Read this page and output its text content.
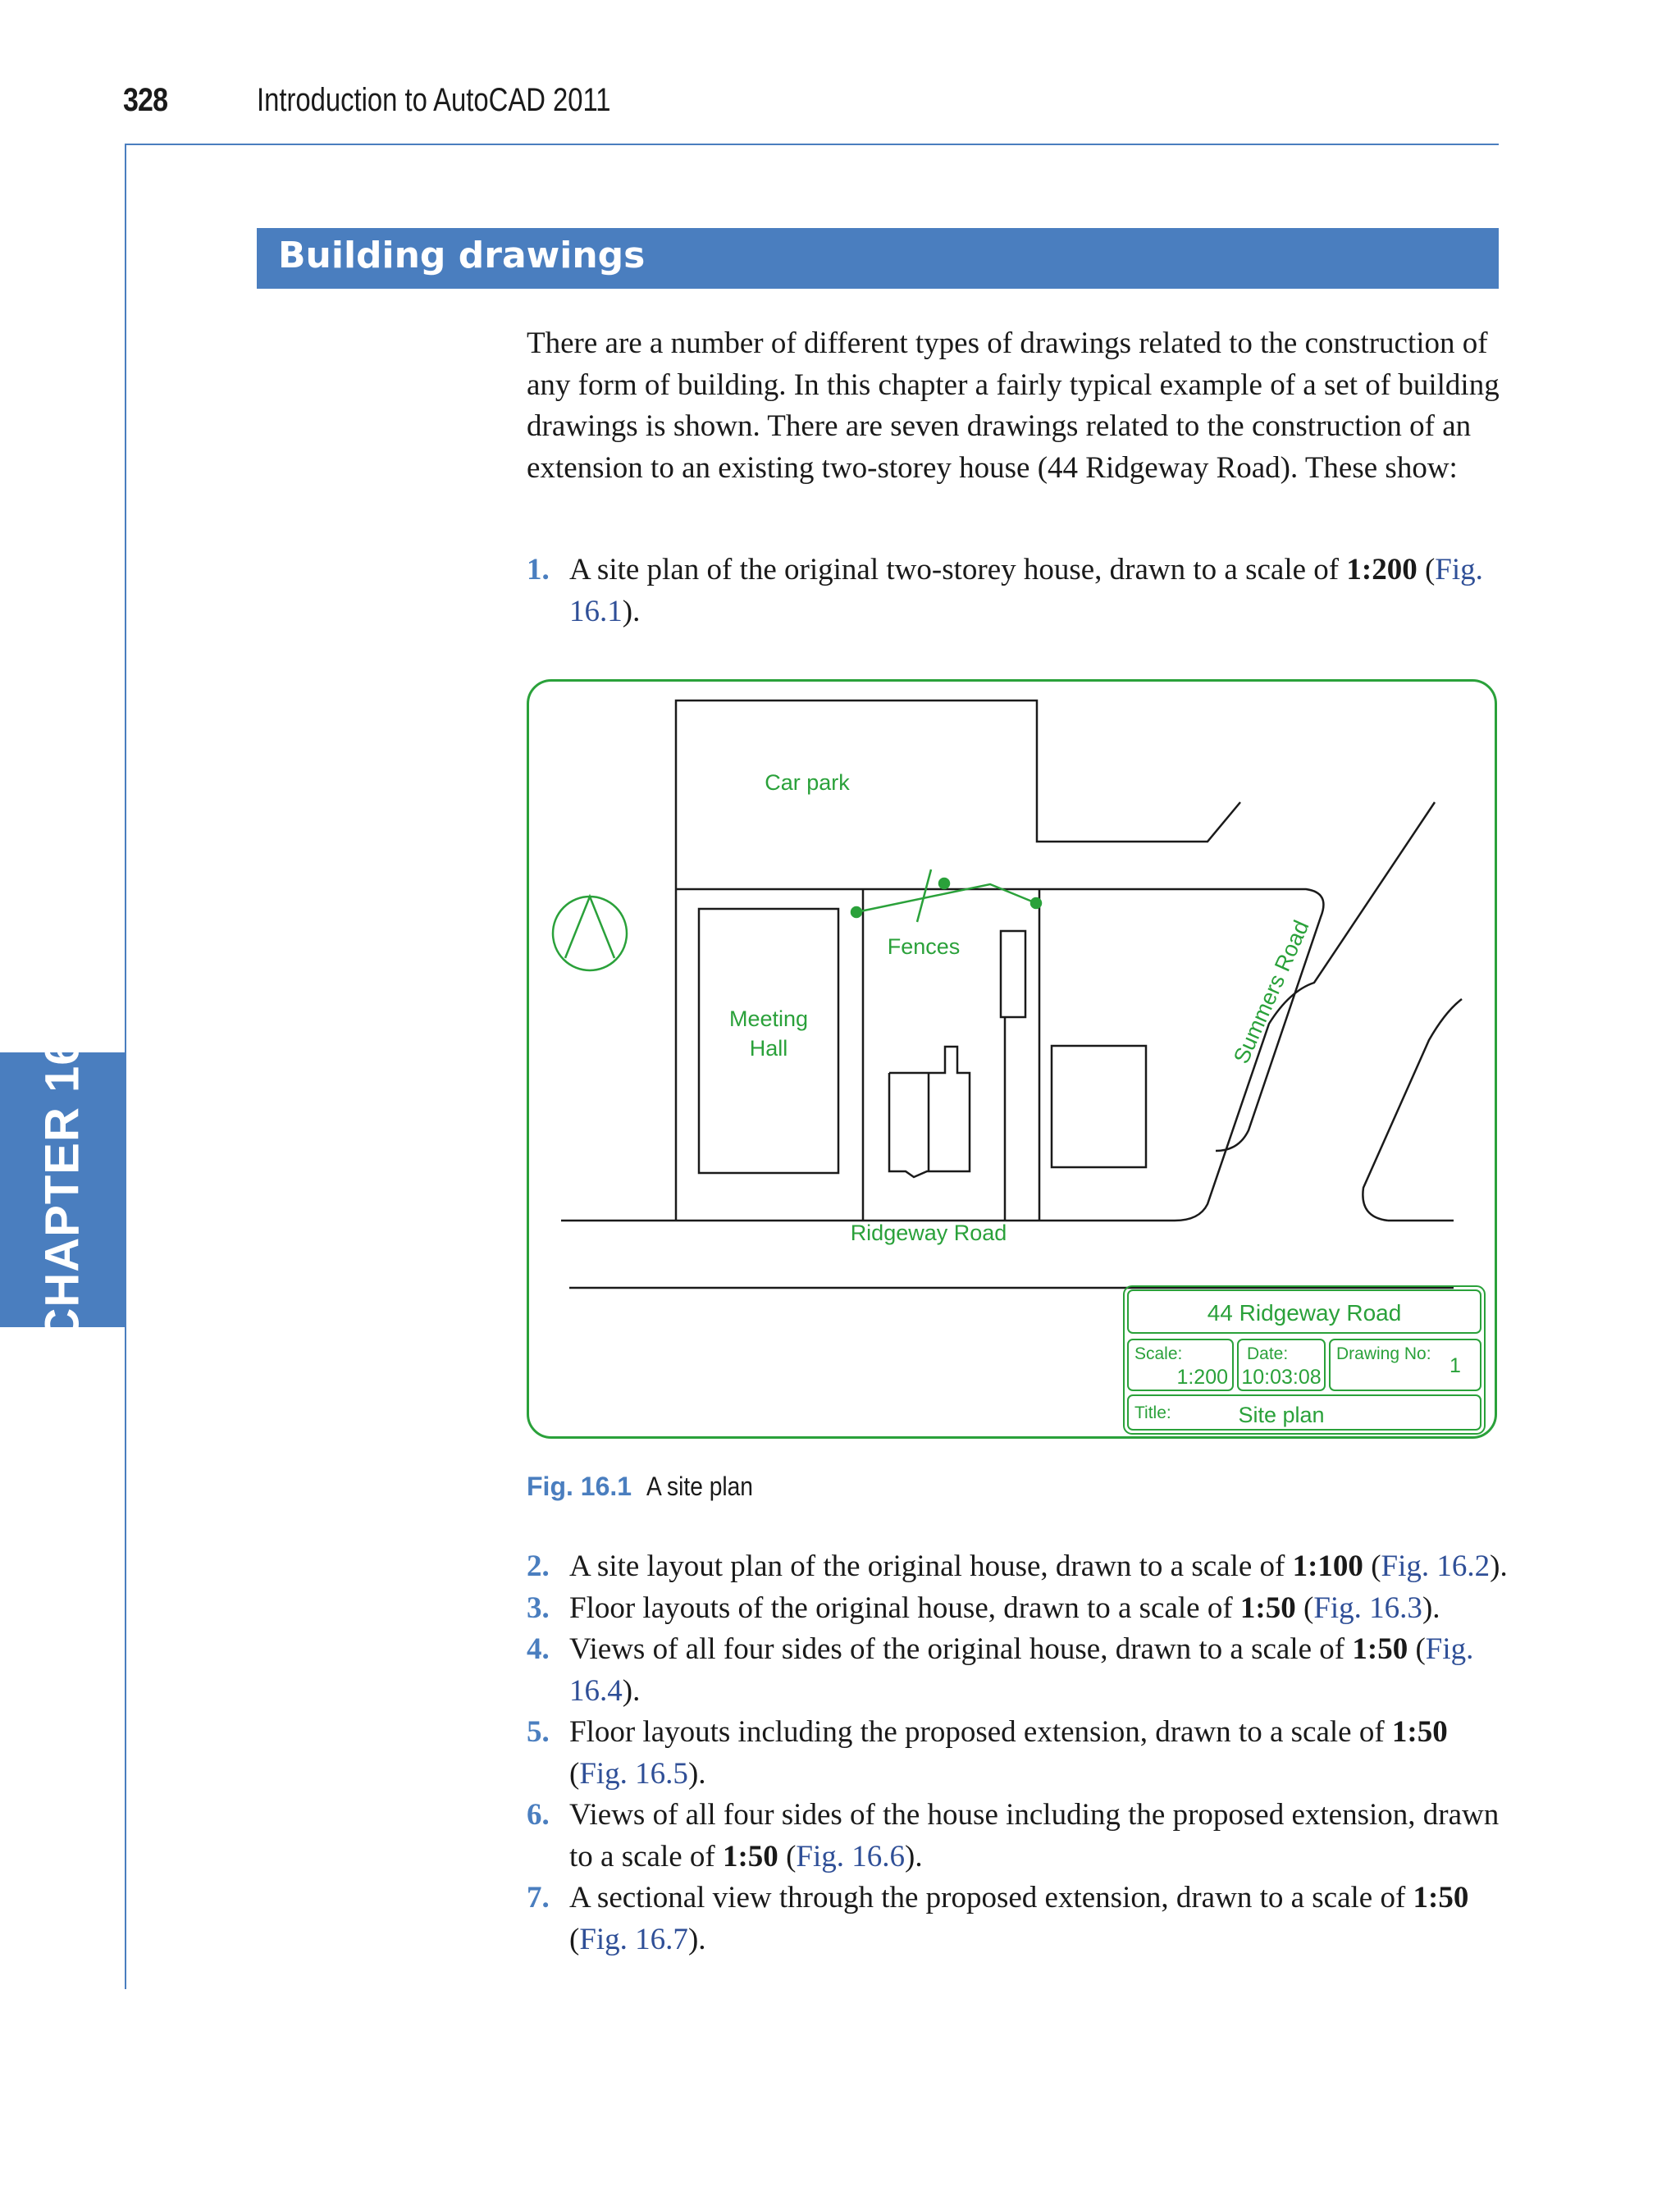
328	Introduction to AutoCAD 2011
CHAPTER 16
Building drawings

There are a number of different types of drawings related to the construction of any form of building. In this chapter a fairly typical example of a set of building drawings is shown. There are seven drawings related to the construction of an extension to an existing two-storey house (44 Ridgeway Road). These show:

1. A site plan of the original two-storey house, drawn to a scale of 1:200 (Fig. 16.1).
Car park
Fences
Meeting
Hall	Summers Road
Ridgeway Road
44 Ridgeway Road
Scale:
1:200
Date:
10:03:08
Drawing No:
1
Title:	Site plan
Fig. 16.1 A site plan
2. A site layout plan of the original house, drawn to a scale of 1:100 (Fig. 16.2).
3. Floor layouts of the original house, drawn to a scale of 1:50 (Fig. 16.3).
4. Views of all four sides of the original house, drawn to a scale of 1:50 (Fig. 16.4).
5. Floor layouts including the proposed extension, drawn to a scale of 1:50 (Fig. 16.5).
6. Views of all four sides of the house including the proposed extension, drawn to a scale of 1:50 (Fig. 16.6).
7. A sectional view through the proposed extension, drawn to a scale of 1:50 (Fig. 16.7).
